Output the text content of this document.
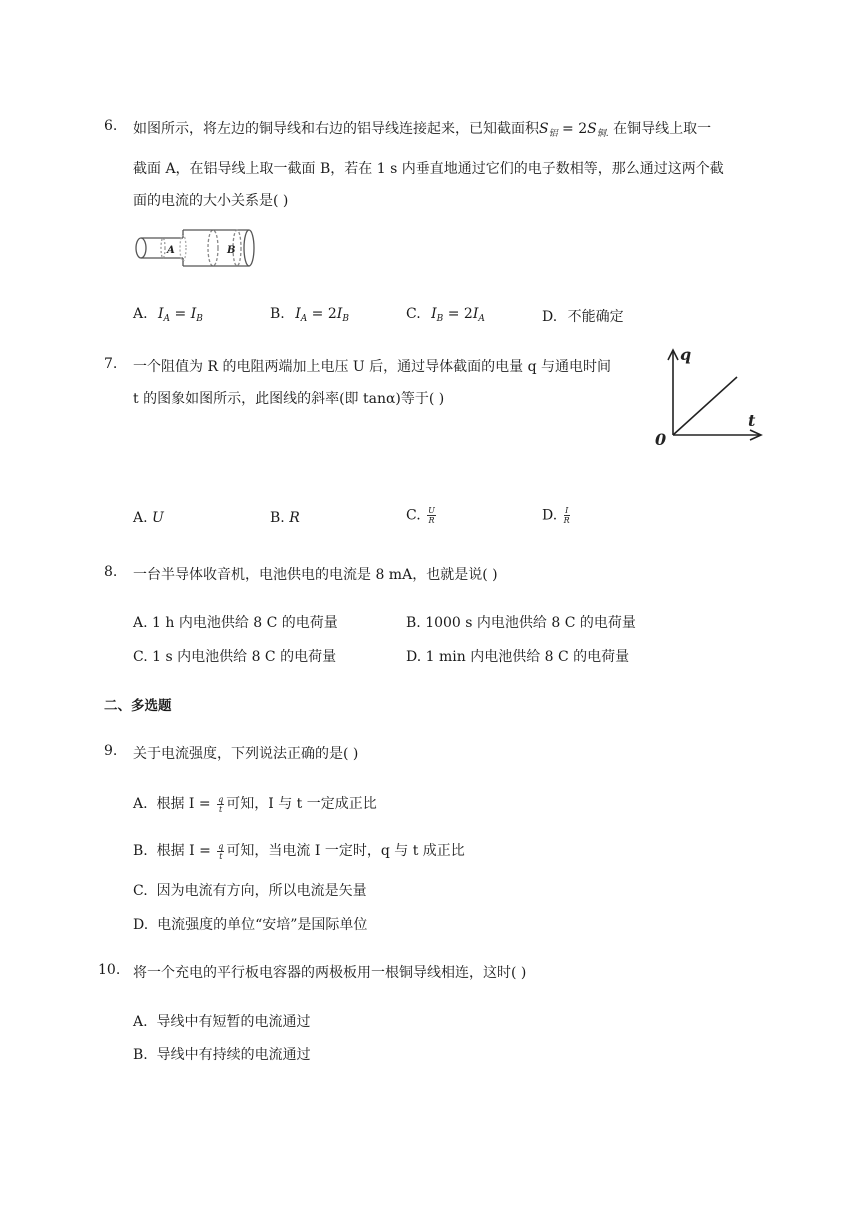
6. 如图所示，将左边的铜导线和右边的铝导线连接起来，已知截面积$S_铝 = 2S_{铜.}$ 在铜导线上取一
截面 A，在铝导线上取一截面 B，若在 1 s 内垂直地通过它们的电子数相等，那么通过这两个截
面的电流的大小关系是( )
A	B
A. $I_A = I_B$	B. $I_A = 2I_B$	C. $I_B = 2I_A$	D. 不能确定
7. 一个阻值为 R 的电阻两端加上电压 U 后，通过导体截面的电量 q 与通电时间
t 的图象如图所示，此图线的斜率(即 tanα)等于( )
q
t
0
A. U	B. R	C. $\frac{U}{R}$	D. $\frac{I}{R}$
8. 一台半导体收音机，电池供电的电流是 8 mA，也就是说( )
A. 1 h 内电池供给 8 C 的电荷量	B. 1000 s 内电池供给 8 C 的电荷量
C. 1 s 内电池供给 8 C 的电荷量	D. 1 min 内电池供给 8 C 的电荷量
二、多选题
9. 关于电流强度，下列说法正确的是( )
A. 根据 $I = \frac{q}{t}$ 可知，I 与 t 一定成正比
B. 根据 $I = \frac{q}{t}$ 可知，当电流 I 一定时，q 与 t 成正比
C. 因为电流有方向，所以电流是矢量
D. 电流强度的单位“安培”是国际单位
10. 将一个充电的平行板电容器的两极板用一根铜导线相连，这时( )
A. 导线中有短暂的电流通过
B. 导线中有持续的电流通过
